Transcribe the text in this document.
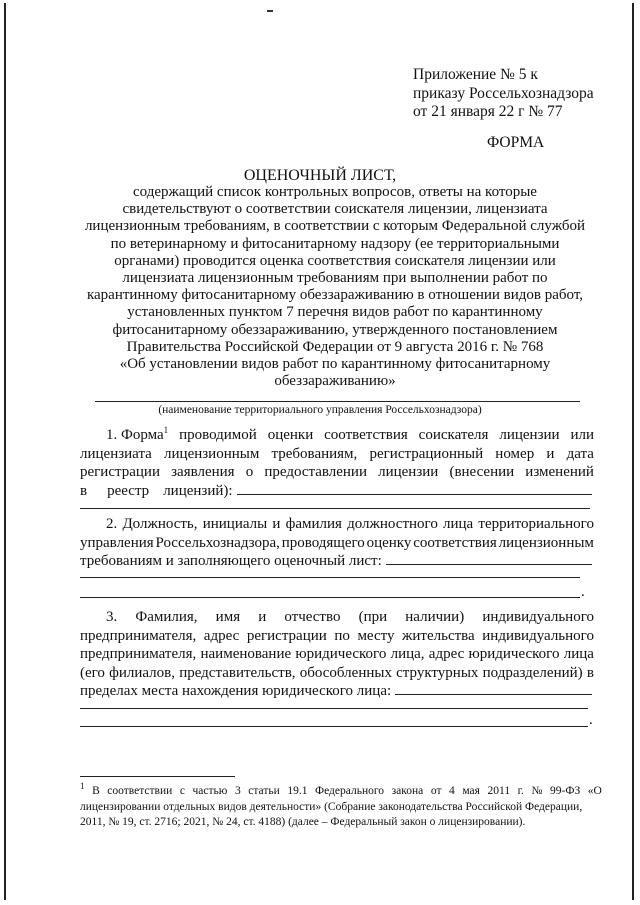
Приложение № 5 к
приказу Россельхознадзора
от 21 января 22 г № 77
ФОРМА
ОЦЕНОЧНЫЙ ЛИСТ,
содержащий список контрольных вопросов, ответы на которые
свидетельствуют о соответствии соискателя лицензии, лицензиата
лицензионным требованиям, в соответствии с которым Федеральной службой
по ветеринарному и фитосанитарному надзору (ее территориальными
органами) проводится оценка соответствия соискателя лицензии или
лицензиата лицензионным требованиям при выполнении работ по
карантинному фитосанитарному обеззараживанию в отношении видов работ,
установленных пунктом 7 перечня видов работ по карантинному
фитосанитарному обеззараживанию, утвержденного постановлением
Правительства Российской Федерации от 9 августа 2016 г. № 768
«Об установлении видов работ по карантинному фитосанитарному
обеззараживанию»
(наименование территориального управления Россельхознадзора)
1. Форма$^1$ проводимой оценки соответствия соискателя лицензии или
лицензиата лицензионным требованиям, регистрационный номер и дата
регистрации заявления о предоставлении лицензии (внесении изменений
в реестр лицензий):
2. Должность, инициалы и фамилия должностного лица территориального
управления Россельхознадзора, проводящего оценку соответствия лицензионным
требованиям и заполняющего оценочный лист:
.
3. Фамилия, имя и отчество (при наличии) индивидуального
предпринимателя, адрес регистрации по месту жительства индивидуального
предпринимателя, наименование юридического лица, адрес юридического лица
(его филиалов, представительств, обособленных структурных подразделений) в
пределах места нахождения юридического лица:
.
$^1$ В соответствии с частью 3 статьи 19.1 Федерального закона от 4 мая 2011 г. № 99-ФЗ «О
лицензировании отдельных видов деятельности» (Собрание законодательства Российской Федерации,
2011, № 19, ст. 2716; 2021, № 24, ст. 4188) (далее – Федеральный закон о лицензировании).
